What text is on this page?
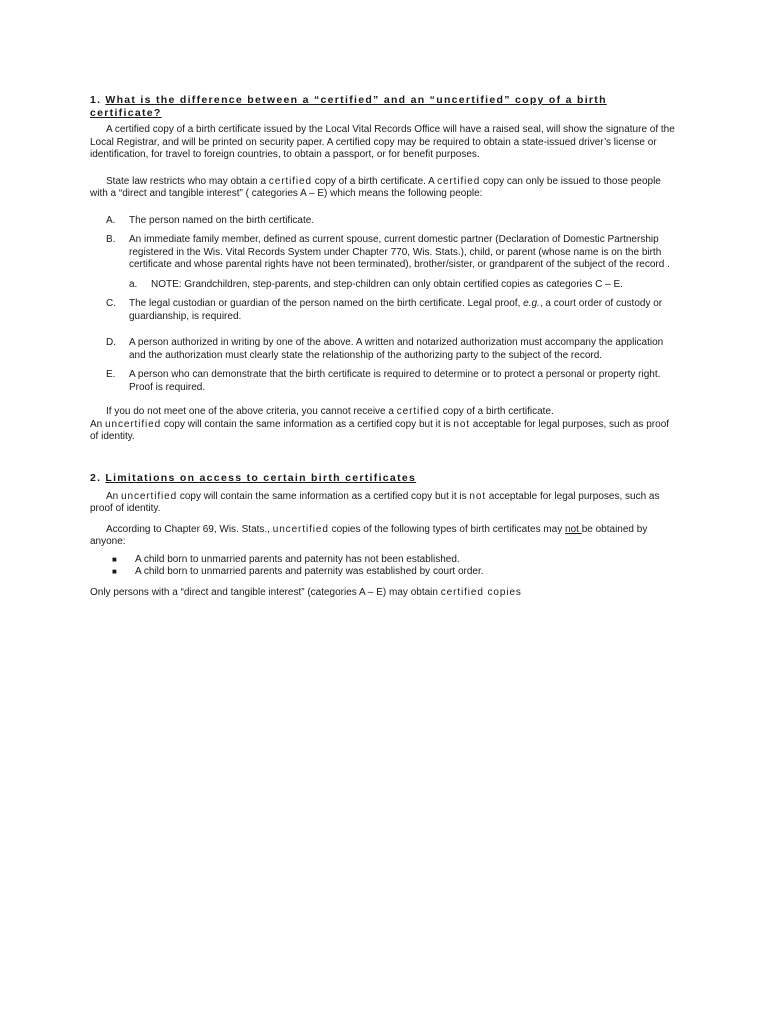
1. What is the difference between a “certified” and an “uncertified” copy of a birth certificate?

A certified copy of a birth certificate issued by the Local Vital Records Office will have a raised seal, will show the signature of the Local Registrar, and will be printed on security paper. A certified copy may be required to obtain a state-issued driver’s license or identification, for travel to foreign countries, to obtain a passport, or for benefit purposes.

State law restricts who may obtain a certified copy of a birth certificate. A certified copy can only be issued to those people with a “direct and tangible interest” ( categories A – E) which means the following people:

A. The person named on the birth certificate.
B. An immediate family member, defined as current spouse, current domestic partner (Declaration of Domestic Partnership registered in the Wis. Vital Records System under Chapter 770, Wis. Stats.), child, or parent (whose name is on the birth certificate and whose parental rights have not been terminated), brother/sister, or grandparent of the subject of the record .
a. NOTE: Grandchildren, step-parents, and step-children can only obtain certified copies as categories C – E.
C. The legal custodian or guardian of the person named on the birth certificate. Legal proof, e.g., a court order of custody or guardianship, is required.
D. A person authorized in writing by one of the above. A written and notarized authorization must accompany the application and the authorization must clearly state the relationship of the authorizing party to the subject of the record.
E. A person who can demonstrate that the birth certificate is required to determine or to protect a personal or property right. Proof is required.

If you do not meet one of the above criteria, you cannot receive a certified copy of a birth certificate.
An uncertified copy will contain the same information as a certified copy but it is not acceptable for legal purposes, such as proof of identity.

2. Limitations on access to certain birth certificates

An uncertified copy will contain the same information as a certified copy but it is not acceptable for legal purposes, such as proof of identity.

According to Chapter 69, Wis. Stats., uncertified copies of the following types of birth certificates may not be obtained by anyone:

■ A child born to unmarried parents and paternity has not been established.
■ A child born to unmarried parents and paternity was established by court order.

Only persons with a “direct and tangible interest” (categories A – E) may obtain certified copies
